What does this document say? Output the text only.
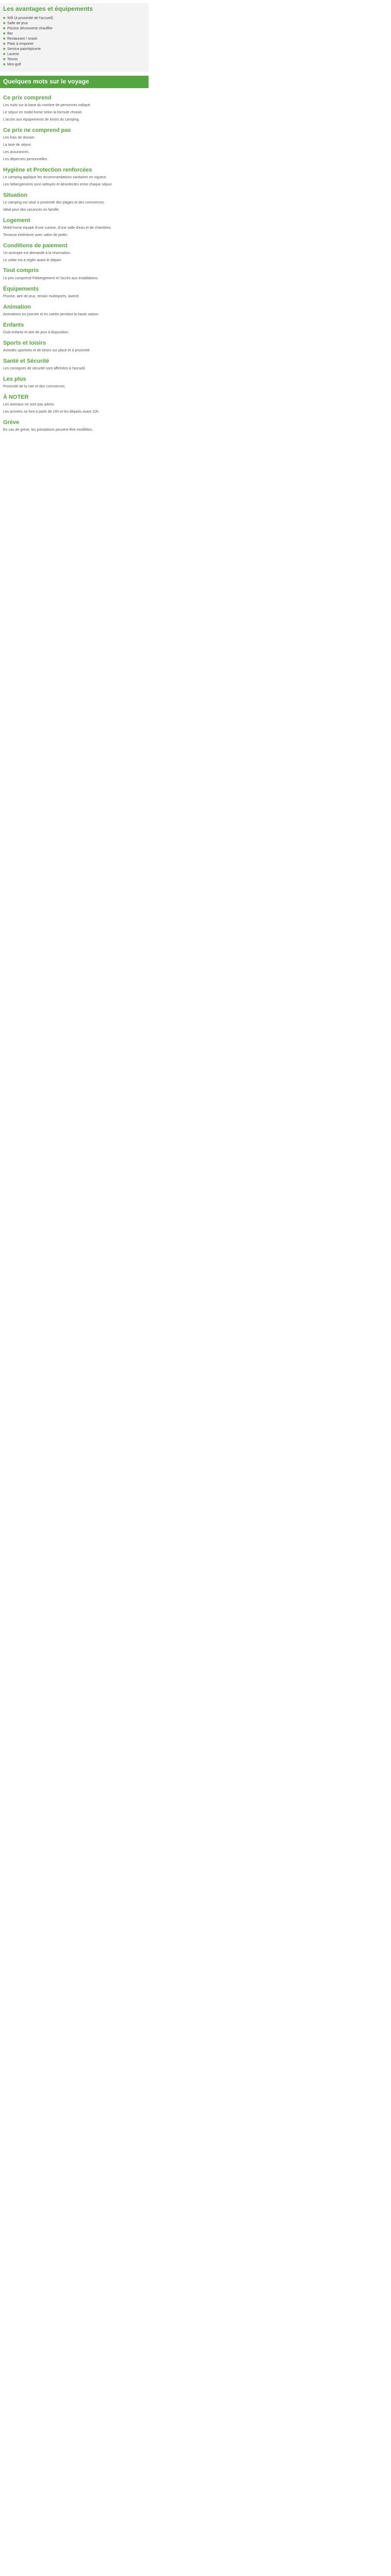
Les avantages et équipements
■ Wifi (à proximité de l'accueil)
■ Salle de jeux
■ Piscine découverte chauffée
■ Bar
■ Restaurant / snack
■ Plats à emporter
■ Service pain/épicerie
■ Laverie
■ Tennis
■ Mini-golf
Quelques mots sur le voyage
Ce prix comprend

Les nuits sur la base du nombre de personnes indiqué.

Le séjour en mobil-home selon la formule choisie.

L'accès aux équipements de loisirs du camping.

Ce prix ne comprend pas

Les frais de dossier.

La taxe de séjour.

Les assurances.

Les dépenses personnelles.

Hygiène et Protection renforcées

Le camping applique les recommandations sanitaires en vigueur.

Les hébergements sont nettoyés et désinfectés entre chaque séjour.

Situation

Le camping est situé à proximité des plages et des commerces.

Idéal pour des vacances en famille.

Logement

Mobil-home équipé d'une cuisine, d'une salle d'eau et de chambres.

Terrasse extérieure avec salon de jardin.

Conditions de paiement

Un acompte est demandé à la réservation.

Le solde est à régler avant le départ.

Tout compris

Le prix comprend l'hébergement et l'accès aux installations.

Équipements

Piscine, aire de jeux, terrain multisports, laverie.

Animation

Animations en journée et en soirée pendant la haute saison.

Enfants

Club enfants et aire de jeux à disposition.

Sports et loisirs

Activités sportives et de loisirs sur place et à proximité.

Santé et Sécurité

Les consignes de sécurité sont affichées à l'accueil.

Les plus

Proximité de la mer et des commerces.

À NOTER

Les animaux ne sont pas admis.

Les arrivées se font à partir de 16h et les départs avant 10h.

Grève

En cas de grève, les prestations peuvent être modifiées.
